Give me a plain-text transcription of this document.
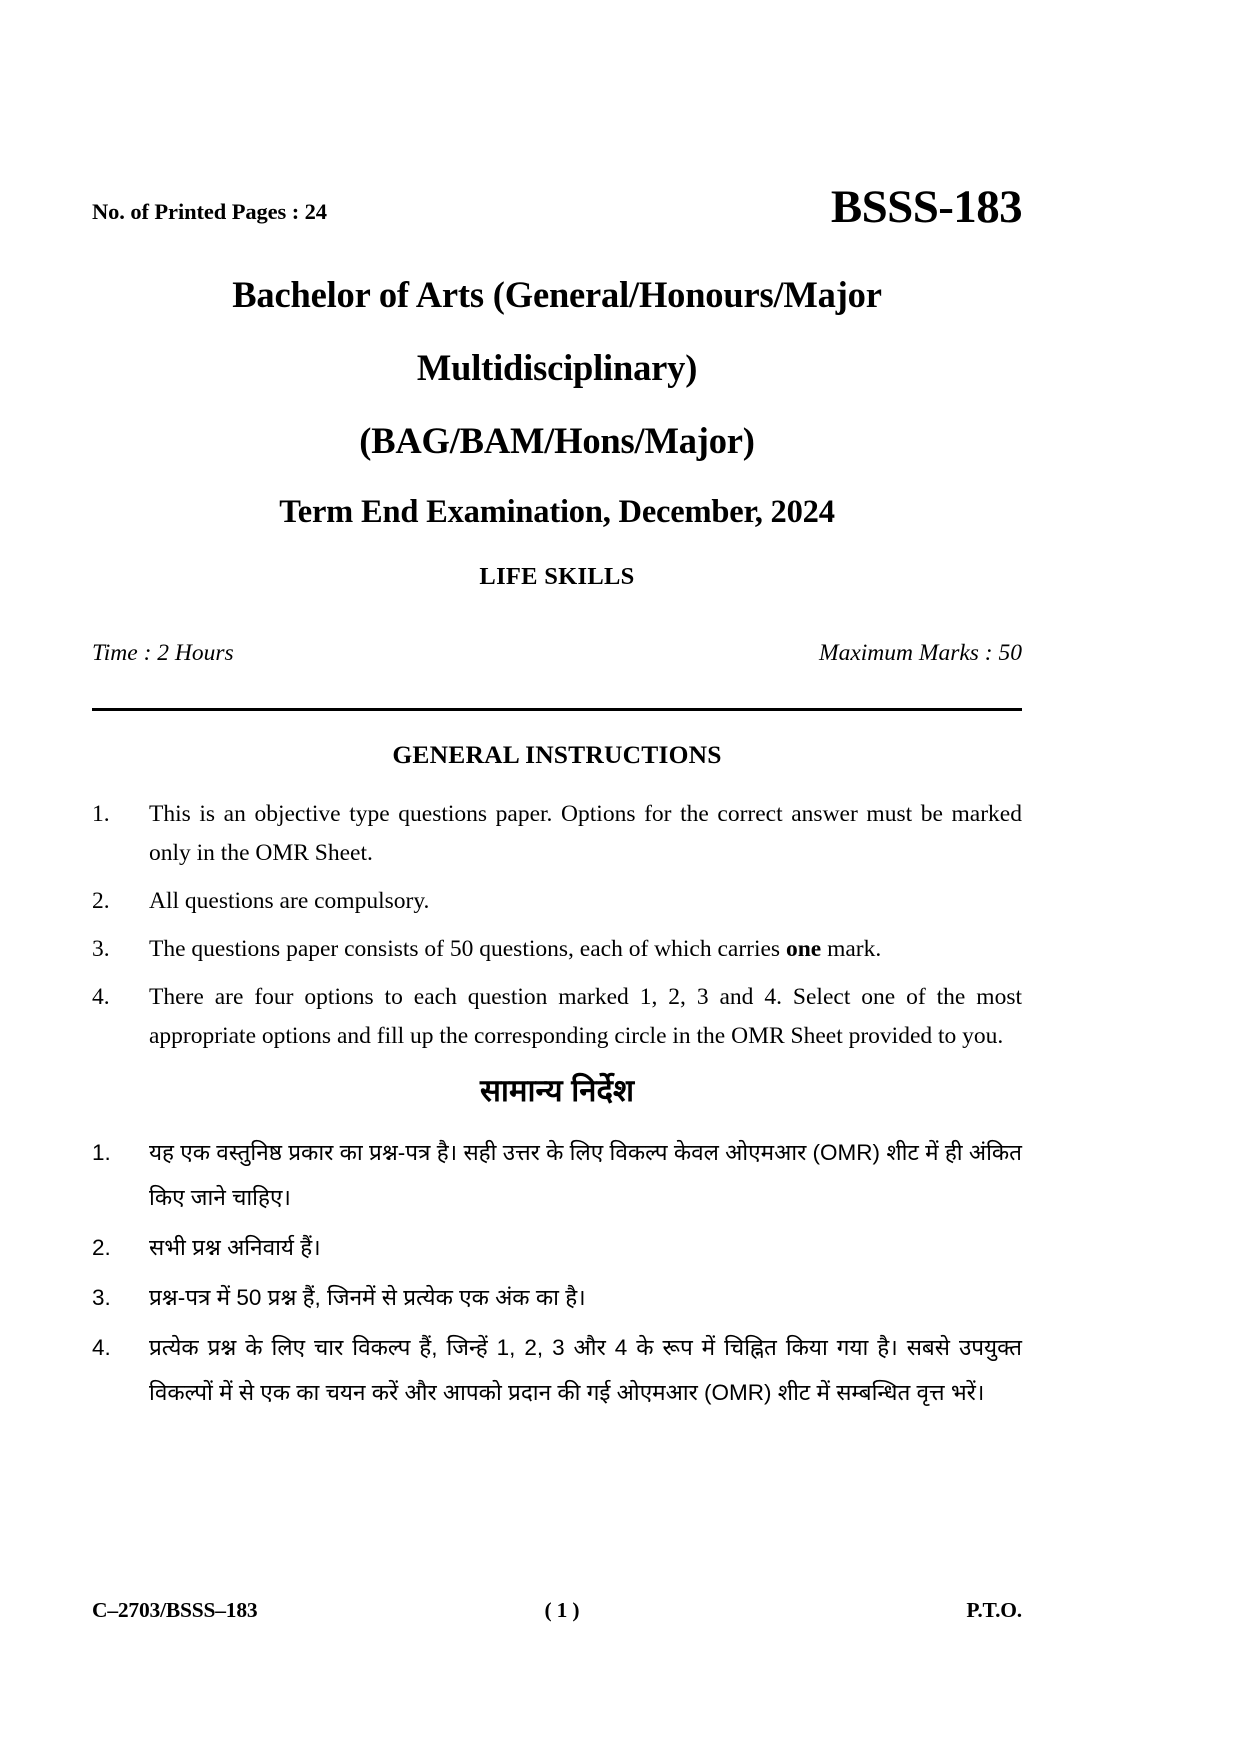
No. of Printed Pages : 24	BSSS-183
Bachelor of Arts (General/Honours/Major
Multidisciplinary)
(BAG/BAM/Hons/Major)
Term End Examination, December, 2024
LIFE SKILLS
Time : 2 Hours	Maximum Marks : 50
GENERAL INSTRUCTIONS
1.	This is an objective type questions paper. Options for the correct answer must be marked only in the OMR Sheet.
2.	All questions are compulsory.
3.	The questions paper consists of 50 questions, each of which carries one mark.
4.	There are four options to each question marked 1, 2, 3 and 4. Select one of the most appropriate options and fill up the corresponding circle in the OMR Sheet provided to you.
सामान्य निर्देश
1.	यह एक वस्तुनिष्ठ प्रकार का प्रश्न-पत्र है। सही उत्तर के लिए विकल्प केवल ओएमआर (OMR) शीट में ही अंकित किए जाने चाहिए।
2.	सभी प्रश्न अनिवार्य हैं।
3.	प्रश्न-पत्र में 50 प्रश्न हैं, जिनमें से प्रत्येक एक अंक का है।
4.	प्रत्येक प्रश्न के लिए चार विकल्प हैं, जिन्हें 1, 2, 3 और 4 के रूप में चिह्नित किया गया है। सबसे उपयुक्त विकल्पों में से एक का चयन करें और आपको प्रदान की गई ओएमआर (OMR) शीट में सम्बन्धित वृत्त भरें।
C–2703/BSSS–183	( 1 )	P.T.O.
